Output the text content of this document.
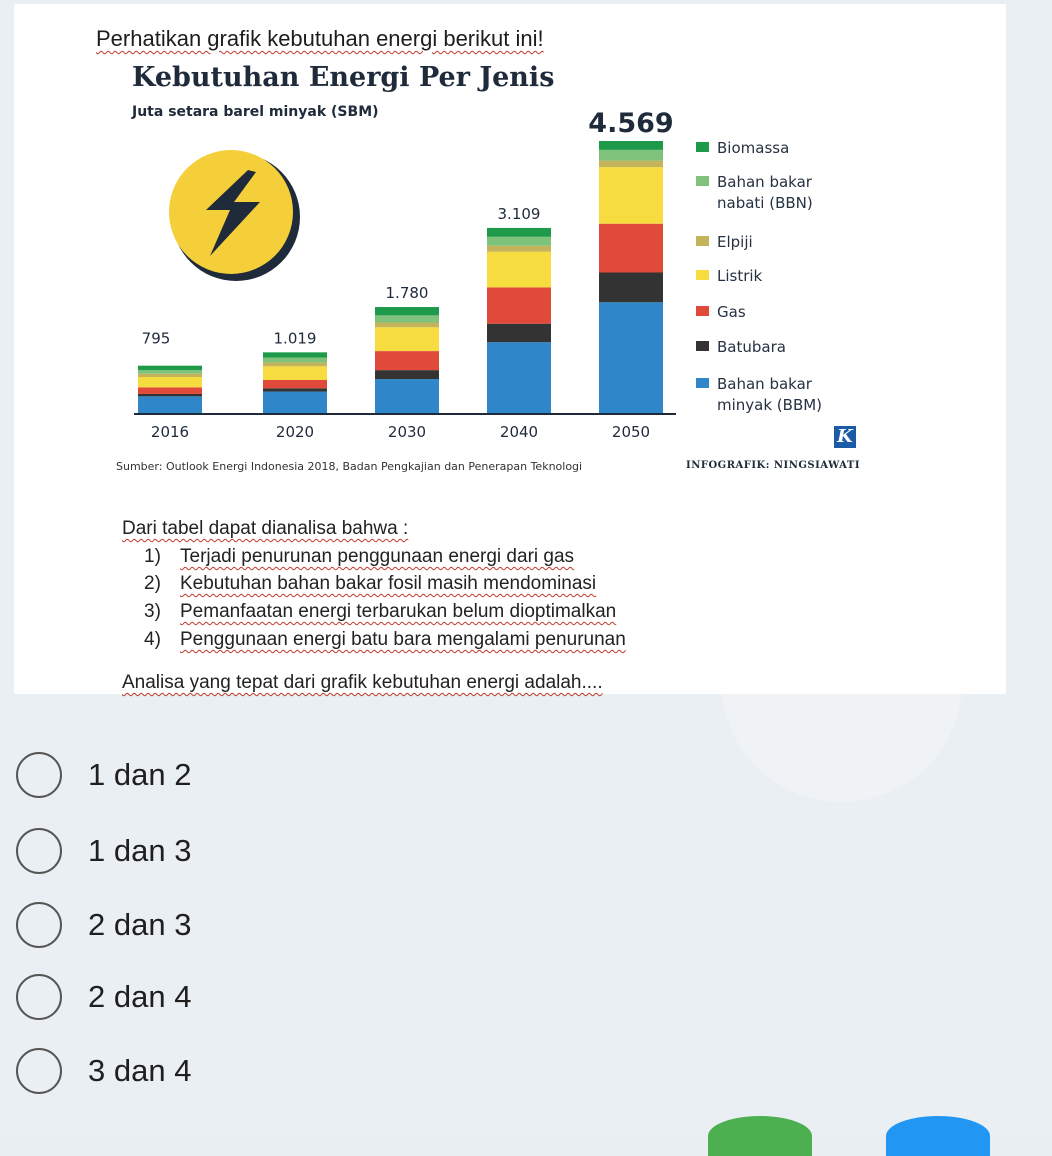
Perhatikan grafik kebutuhan energi berikut ini!
795
2016
1.019
2020
1.780
2030
3.109
2040
4.569
2050
Kebutuhan Energi Per Jenis
Juta setara barel minyak (SBM)
Biomassa
Bahan bakar nabati (BBN)
Elpiji
Listrik
Gas
Batubara
Bahan bakar minyak (BBM)
K
Sumber: Outlook Energi Indonesia 2018, Badan Pengkajian dan Penerapan Teknologi	INFOGRAFIK: NINGSIAWATI
Dari tabel dapat dianalisa bahwa :
1) Terjadi penurunan penggunaan energi dari gas
2) Kebutuhan bahan bakar fosil masih mendominasi
3) Pemanfaatan energi terbarukan belum dioptimalkan
4) Penggunaan energi batu bara mengalami penurunan
Analisa yang tepat dari grafik kebutuhan energi adalah....
1 dan 2
1 dan 3
2 dan 3
2 dan 4
3 dan 4
